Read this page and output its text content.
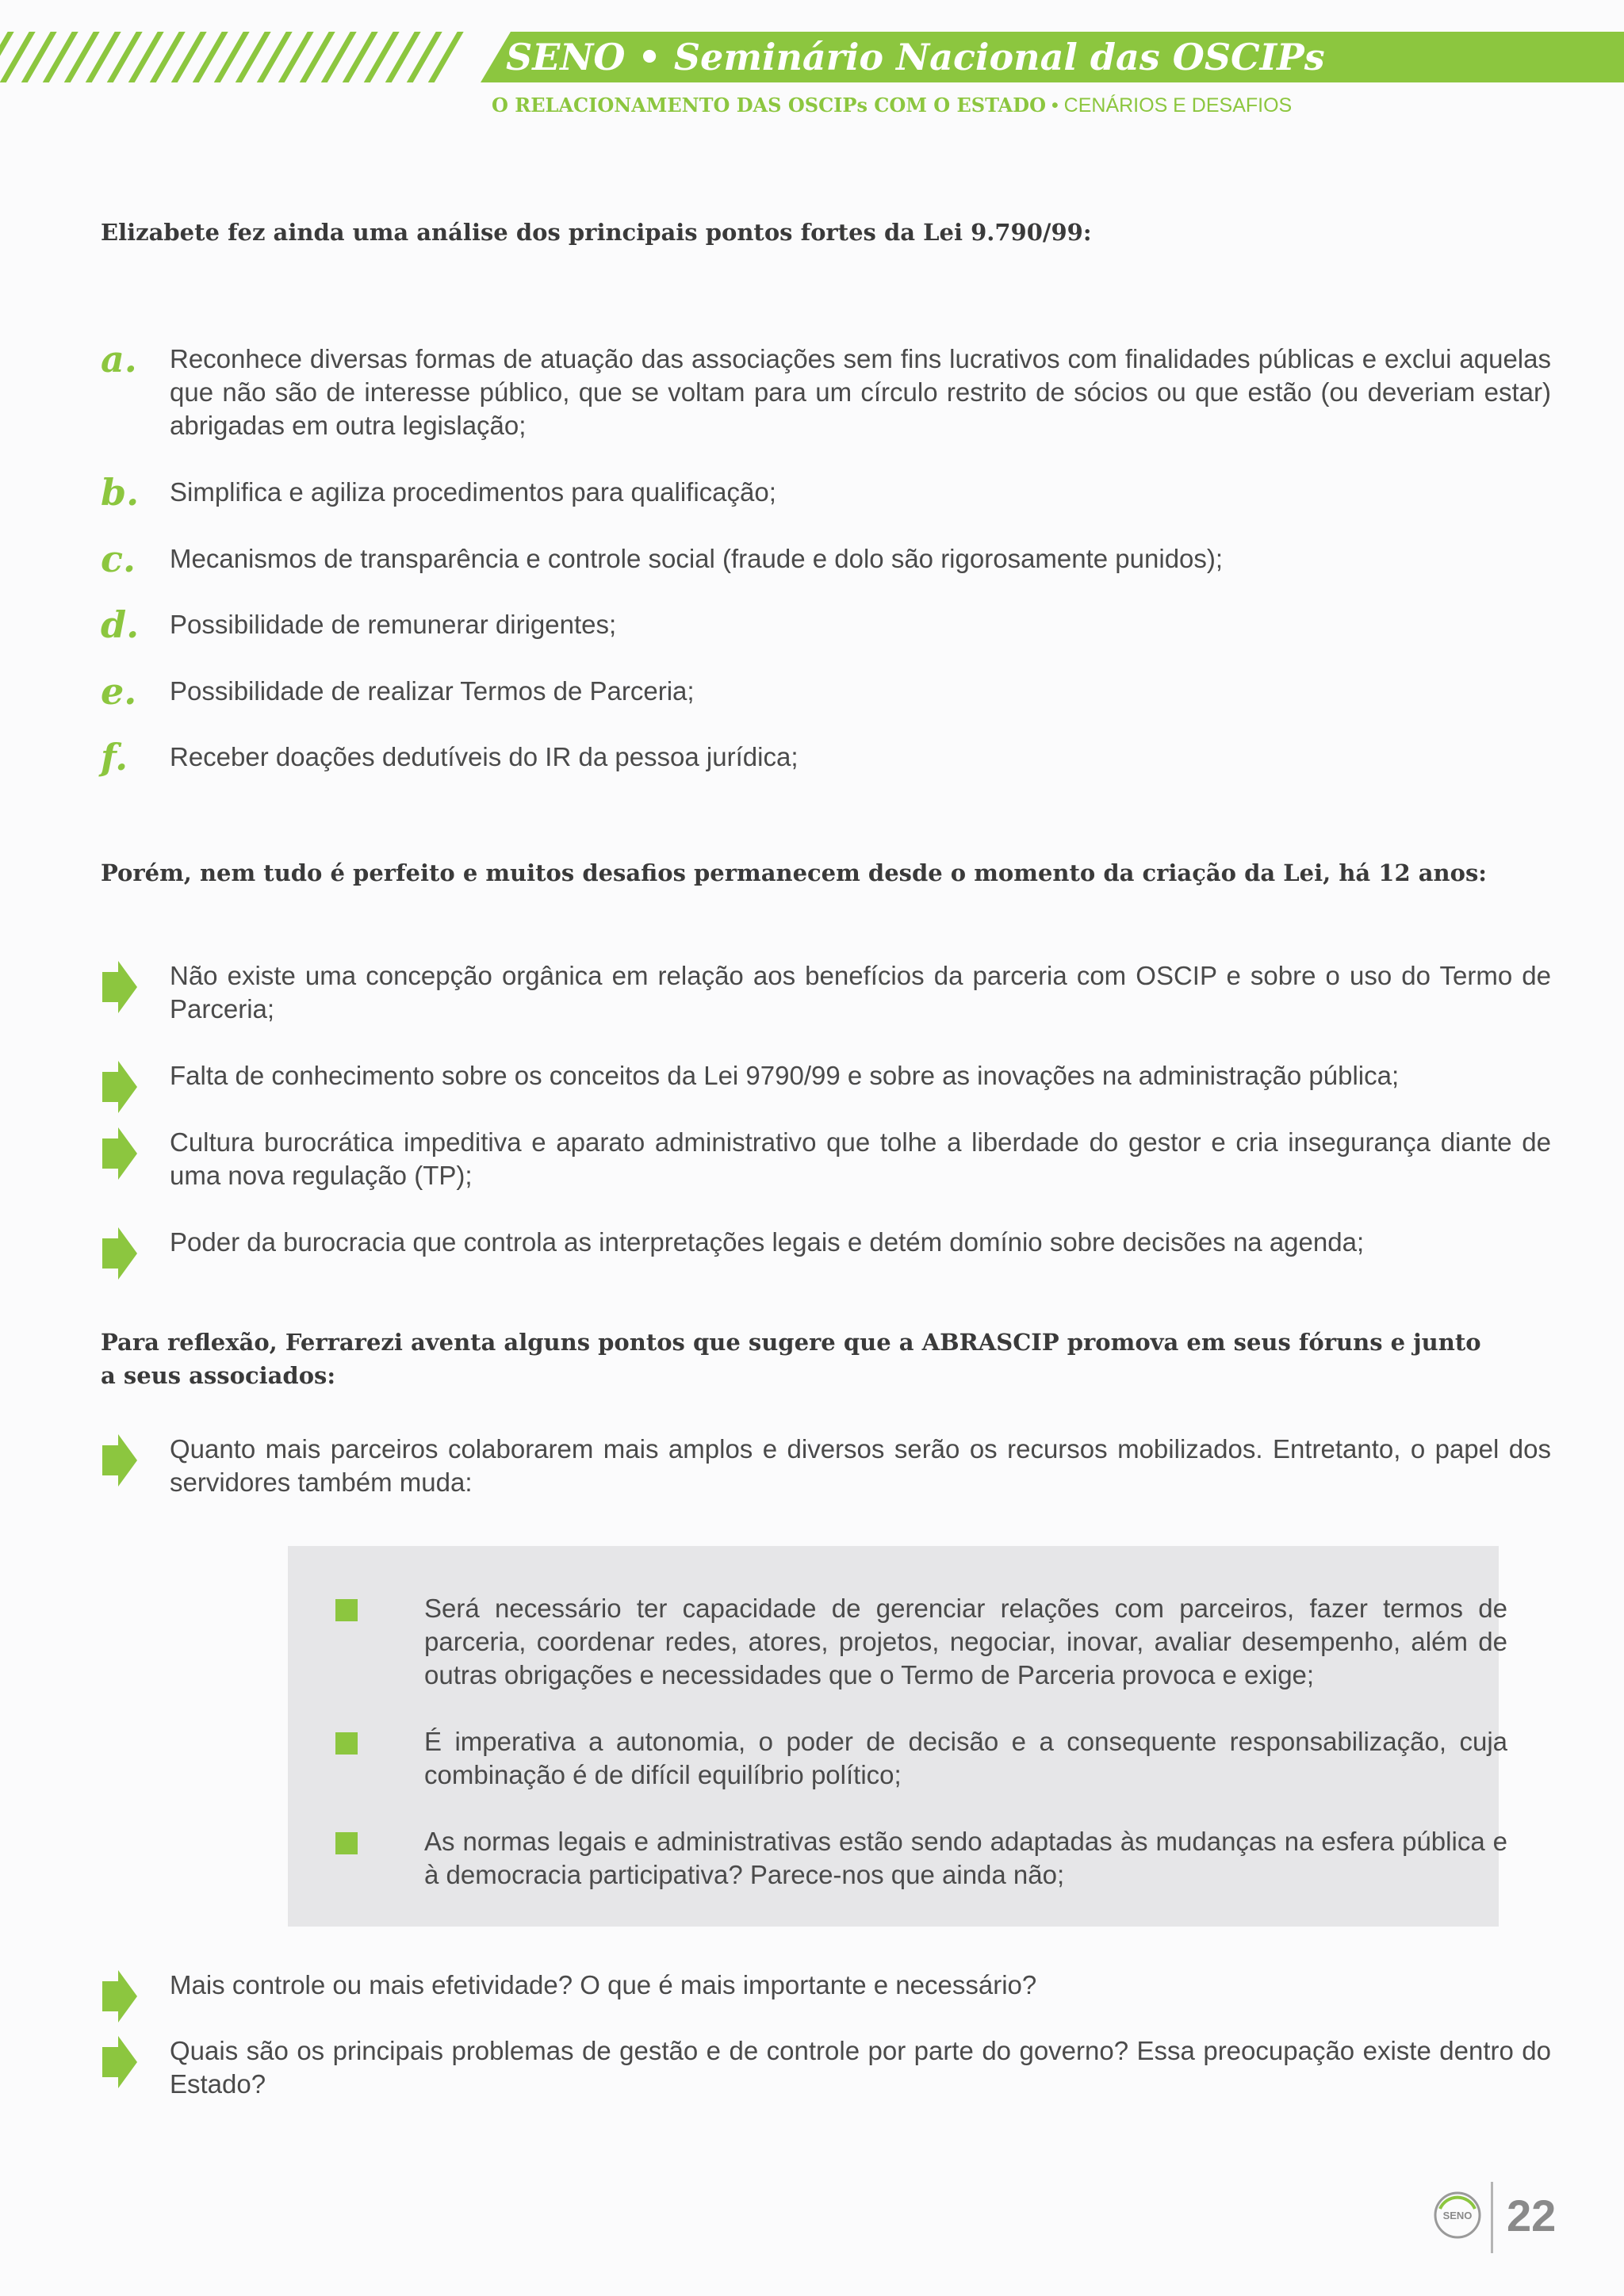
SENO • Seminário Nacional das OSCIPs
O RELACIONAMENTO DAS OSCIPs COM O ESTADO • CENÁRIOS E DESAFIOS
Elizabete fez ainda uma análise dos principais pontos fortes da Lei 9.790/99:
a.	Reconhece diversas formas de atuação das associações sem fins lucrativos com finalidades públicas e exclui aquelas que não são de interesse público, que se voltam para um círculo restrito de sócios ou que estão (ou deveriam estar) abrigadas em outra legislação;
b.	Simplifica e agiliza procedimentos para qualificação;
c.	Mecanismos de transparência e controle social (fraude e dolo são rigorosamente punidos);
d.	Possibilidade de remunerar dirigentes;
e.	Possibilidade de realizar Termos de Parceria;
f.	Receber doações dedutíveis do IR da pessoa jurídica;
Porém, nem tudo é perfeito e muitos desafios permanecem desde o momento da criação da Lei, há 12 anos:
Não existe uma concepção orgânica em relação aos benefícios da parceria com OSCIP e sobre o uso do Termo de Parceria;
Falta de conhecimento sobre os conceitos da Lei 9790/99 e sobre as inovações na administração pública;
Cultura burocrática impeditiva e aparato administrativo que tolhe a liberdade do gestor e cria insegurança diante de uma nova regulação (TP);
Poder da burocracia que controla as interpretações legais e detém domínio sobre decisões na agenda;
Para reflexão, Ferrarezi aventa alguns pontos que sugere que a ABRASCIP promova em seus fóruns e junto a seus associados:
Quanto mais parceiros colaborarem mais amplos e diversos serão os recursos mobilizados. Entretanto, o papel dos servidores também muda:
Será necessário ter capacidade de gerenciar relações com parceiros, fazer termos de parceria, coordenar redes, atores, projetos, negociar, inovar, avaliar desempenho, além de outras obrigações e necessidades que o Termo de Parceria provoca e exige;
É imperativa a autonomia, o poder de decisão e a consequente responsabilização, cuja combinação é de difícil equilíbrio político;
As normas legais e administrativas estão sendo adaptadas às mudanças na esfera pública e à democracia participativa? Parece-nos que ainda não;
Mais controle ou mais efetividade? O que é mais importante e necessário?
Quais são os principais problemas de gestão e de controle por parte do governo? Essa preocupação existe dentro do Estado?
SENO 22
